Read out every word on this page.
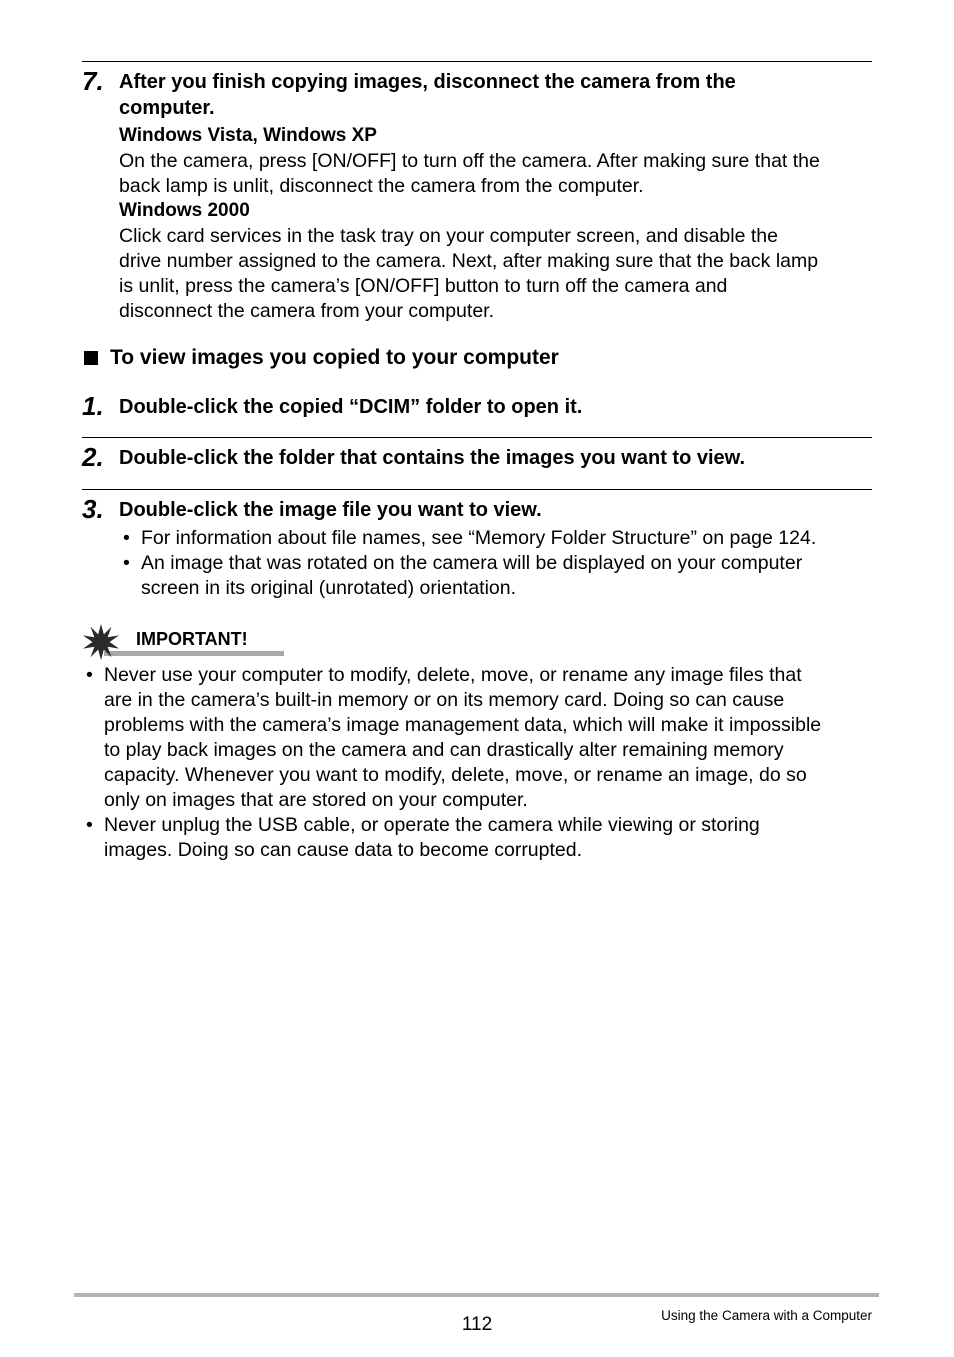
7. After you finish copying images, disconnect the camera from the
computer.
Windows Vista, Windows XP
On the camera, press [ON/OFF] to turn off the camera. After making sure that the
back lamp is unlit, disconnect the camera from the computer.
Windows 2000
Click card services in the task tray on your computer screen, and disable the
drive number assigned to the camera. Next, after making sure that the back lamp
is unlit, press the camera’s [ON/OFF] button to turn off the camera and
disconnect the camera from your computer.
To view images you copied to your computer
1. Double-click the copied “DCIM” folder to open it.
2. Double-click the folder that contains the images you want to view.
3. Double-click the image file you want to view.
• For information about file names, see “Memory Folder Structure” on page 124.
• An image that was rotated on the camera will be displayed on your computer
screen in its original (unrotated) orientation.
IMPORTANT!
• Never use your computer to modify, delete, move, or rename any image files that
are in the camera’s built-in memory or on its memory card. Doing so can cause
problems with the camera’s image management data, which will make it impossible
to play back images on the camera and can drastically alter remaining memory
capacity. Whenever you want to modify, delete, move, or rename an image, do so
only on images that are stored on your computer.
• Never unplug the USB cable, or operate the camera while viewing or storing
images. Doing so can cause data to become corrupted.
112	Using the Camera with a Computer
